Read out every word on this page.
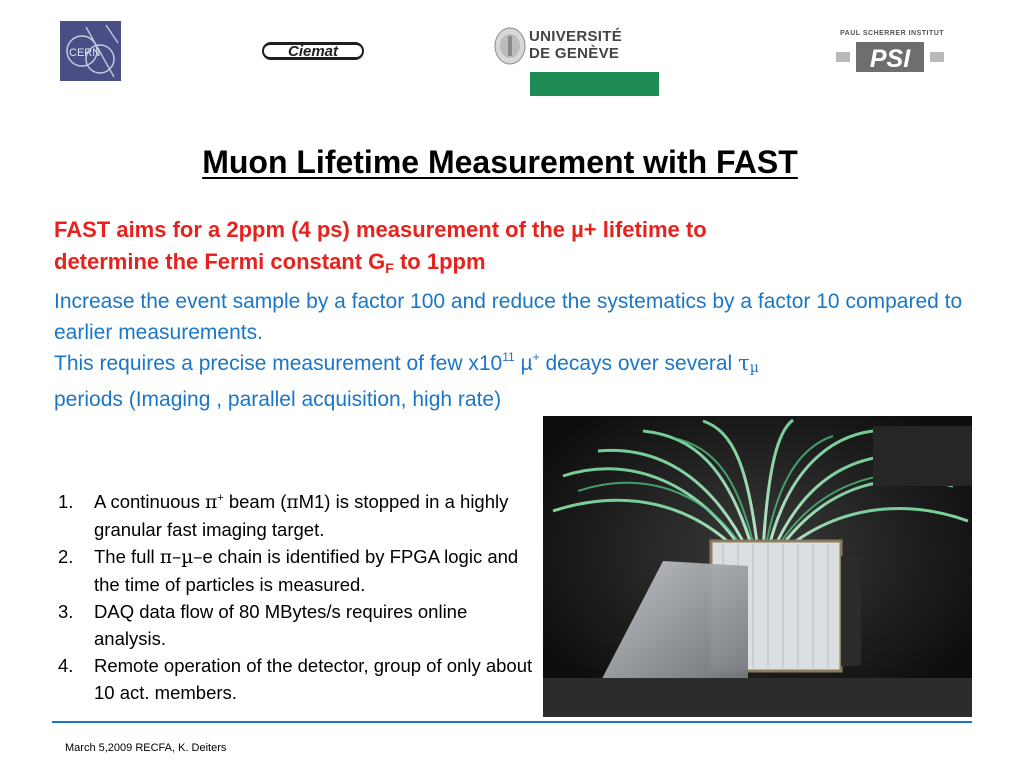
CERN	Ciemat
UNIVERSITÉ
DE GENÈVE
PAUL SCHERRER INSTITUT
PSI
Muon Lifetime Measurement with FAST
FAST aims for a 2ppm (4 ps) measurement of the µ+ lifetime to
determine the Fermi constant $G_F$ to 1ppm
Increase the event sample by a factor 100 and reduce the systematics by a factor 10 compared to earlier measurements.
This requires a precise measurement of few $x10^{11}$ µ+ decays over several $\tau_\mu$
periods (Imaging , parallel acquisition, high rate)
1. A continuous π+ beam (πM1) is stopped in a highly granular fast imaging target.
2. The full π–µ–e chain is identified by FPGA logic and the time of particles is measured.
3. DAQ data flow of 80 MBytes/s requires online analysis.
4. Remote operation of the detector, group of only about 10 act. members.
March 5,2009 RECFA, K. Deiters
